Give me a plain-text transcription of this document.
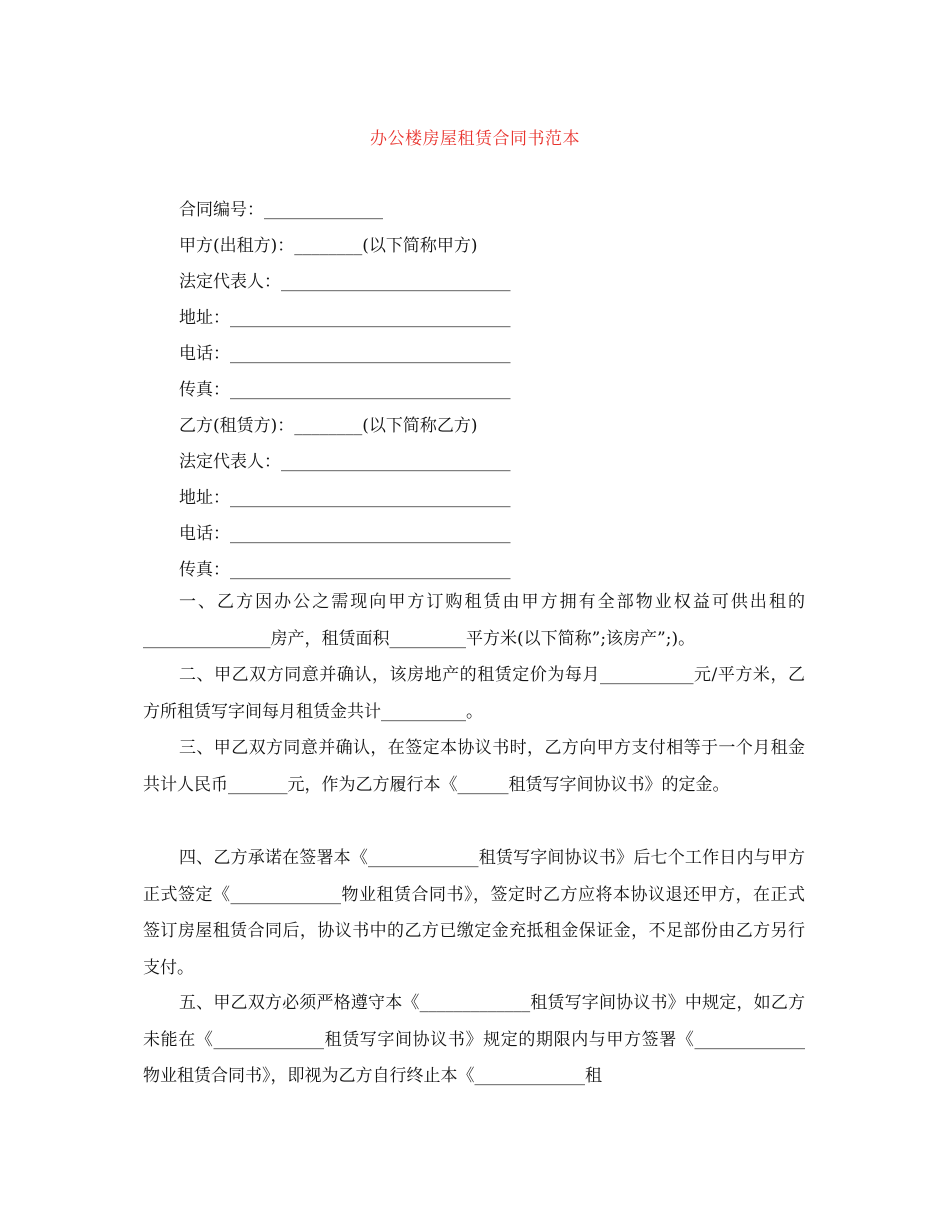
办公楼房屋租赁合同书范本
合同编号：______________
甲方(出租方)：________(以下简称甲方)
法定代表人：___________________________
地址：_________________________________
电话：_________________________________
传真：_________________________________
乙方(租赁方)：________(以下简称乙方)
法定代表人：___________________________
地址：_________________________________
电话：_________________________________
传真：_________________________________

一、乙方因办公之需现向甲方订购租赁由甲方拥有全部物业权益可供出租的_______________房产，租赁面积_________平方米(以下简称”;该房产”;)。

二、甲乙双方同意并确认，该房地产的租赁定价为每月___________元/平方米，乙方所租赁写字间每月租赁金共计__________。

三、甲乙双方同意并确认，在签定本协议书时，乙方向甲方支付相等于一个月租金共计人民币_______元，作为乙方履行本《______租赁写字间协议书》的定金。

四、乙方承诺在签署本《_____________租赁写字间协议书》后七个工作日内与甲方正式签定《_____________物业租赁合同书》，签定时乙方应将本协议退还甲方，在正式签订房屋租赁合同后，协议书中的乙方已缴定金充抵租金保证金，不足部份由乙方另行支付。

五、甲乙双方必须严格遵守本《_____________租赁写字间协议书》中规定，如乙方未能在《_____________租赁写字间协议书》规定的期限内与甲方签署《_____________物业租赁合同书》，即视为乙方自行终止本《_____________租
